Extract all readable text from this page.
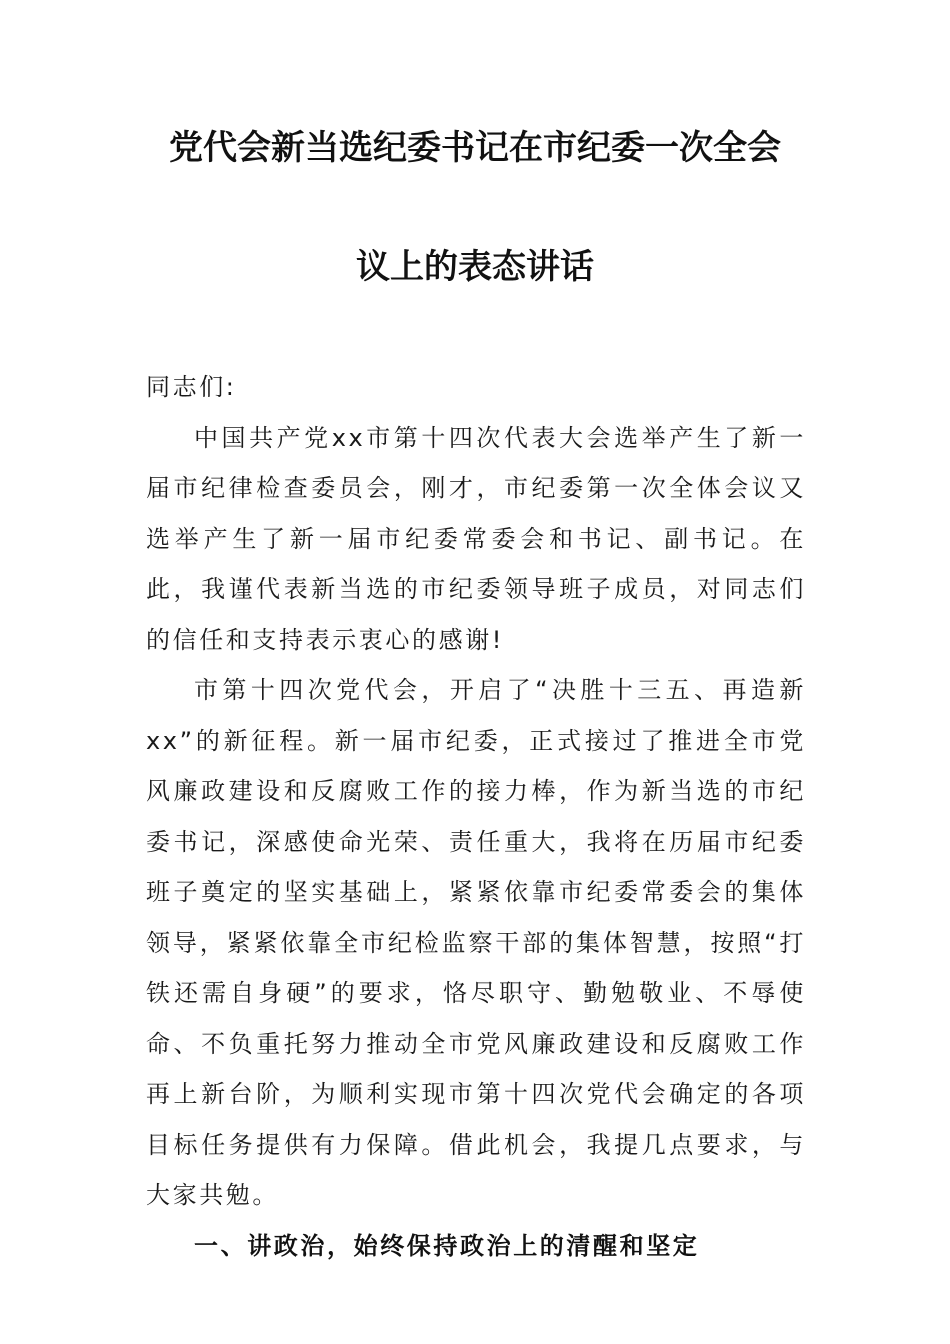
党代会新当选纪委书记在市纪委一次全会
议上的表态讲话

同志们:

中国共产党xx市第十四次代表大会选举产生了新一届市纪律检查委员会，刚才，市纪委第一次全体会议又选举产生了新一届市纪委常委会和书记、副书记。在此，我谨代表新当选的市纪委领导班子成员，对同志们的信任和支持表示衷心的感谢!

市第十四次党代会，开启了“决胜十三五、再造新xx”的新征程。新一届市纪委，正式接过了推进全市党风廉政建设和反腐败工作的接力棒，作为新当选的市纪委书记，深感使命光荣、责任重大，我将在历届市纪委班子奠定的坚实基础上，紧紧依靠市纪委常委会的集体领导，紧紧依靠全市纪检监察干部的集体智慧，按照“打铁还需自身硬”的要求，恪尽职守、勤勉敬业、不辱使命、不负重托努力推动全市党风廉政建设和反腐败工作再上新台阶，为顺利实现市第十四次党代会确定的各项目标任务提供有力保障。借此机会，我提几点要求，与大家共勉。

一、讲政治，始终保持政治上的清醒和坚定
